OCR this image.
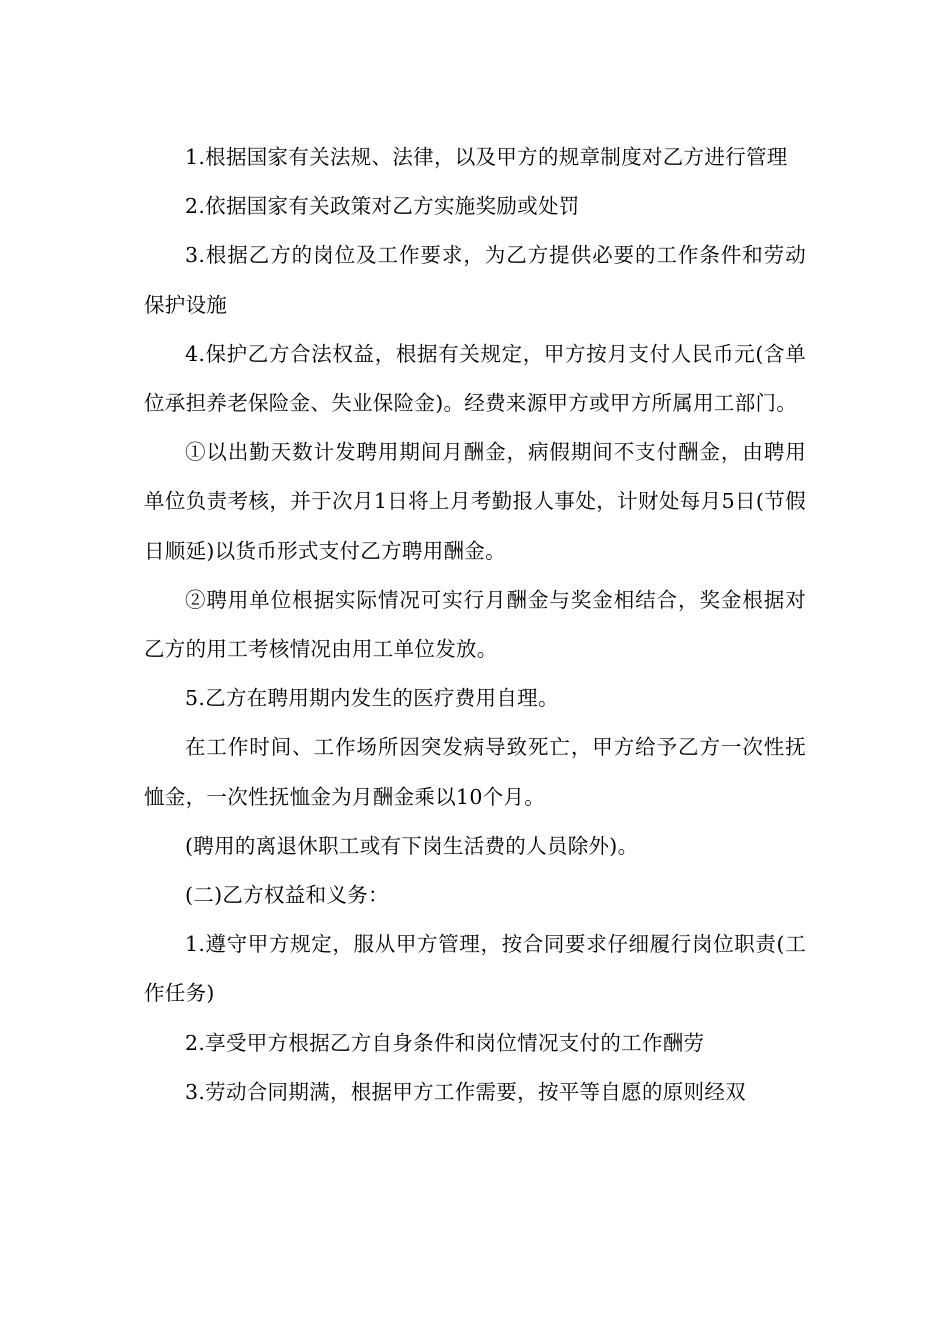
1.根据国家有关法规、法律，以及甲方的规章制度对乙方进行管理

2.依据国家有关政策对乙方实施奖励或处罚

3.根据乙方的岗位及工作要求，为乙方提供必要的工作条件和劳动保护设施

4.保护乙方合法权益，根据有关规定，甲方按月支付人民币元(含单位承担养老保险金、失业保险金)。经费来源甲方或甲方所属用工部门。

①以出勤天数计发聘用期间月酬金，病假期间不支付酬金，由聘用单位负责考核，并于次月1日将上月考勤报人事处，计财处每月5日(节假日顺延)以货币形式支付乙方聘用酬金。

②聘用单位根据实际情况可实行月酬金与奖金相结合，奖金根据对乙方的用工考核情况由用工单位发放。

5.乙方在聘用期内发生的医疗费用自理。

在工作时间、工作场所因突发病导致死亡，甲方给予乙方一次性抚恤金，一次性抚恤金为月酬金乘以10个月。

(聘用的离退休职工或有下岗生活费的人员除外)。

(二)乙方权益和义务：

1.遵守甲方规定，服从甲方管理，按合同要求仔细履行岗位职责(工作任务)

2.享受甲方根据乙方自身条件和岗位情况支付的工作酬劳

3.劳动合同期满，根据甲方工作需要，按平等自愿的原则经双
